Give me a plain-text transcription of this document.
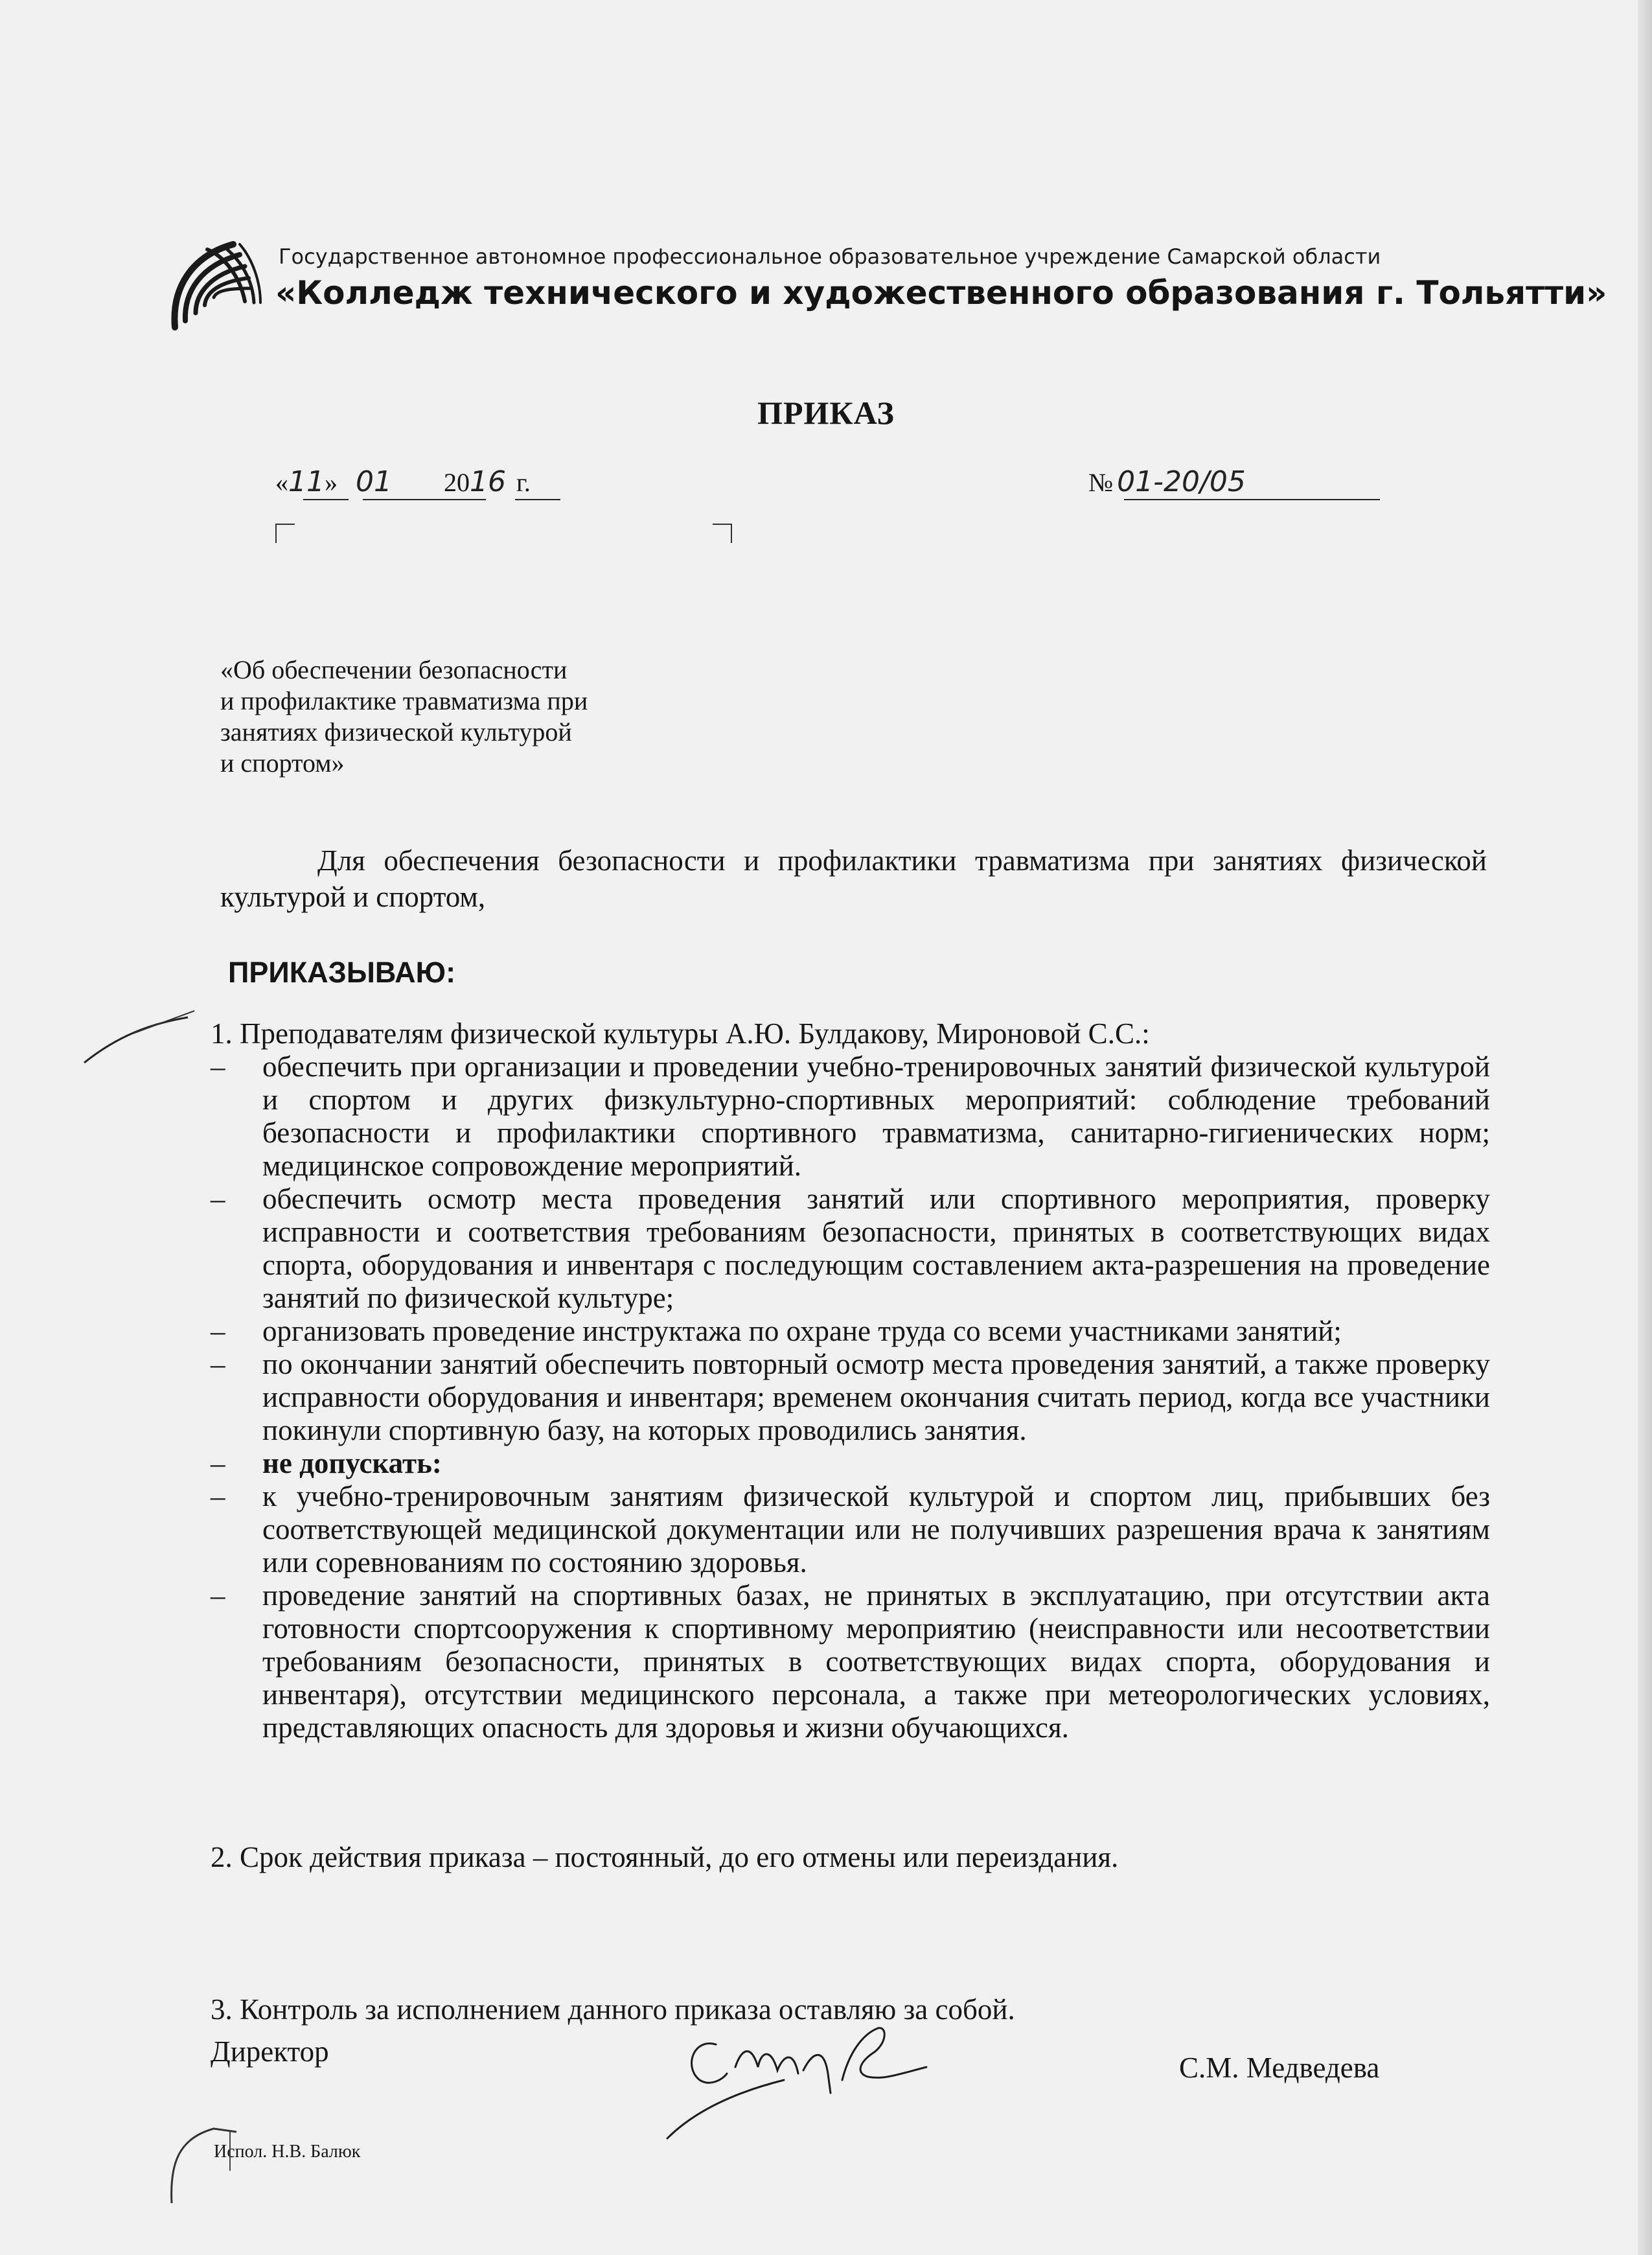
Государственное автономное профессиональное образовательное учреждение Самарской области
«Колледж технического и художественного образования г. Тольятти»
ПРИКАЗ
«11» 01 2016 г.	№ 01-20/05
«Об обеспечении безопасности
и профилактике травматизма при
занятиях физической культурой
и спортом»
Для обеспечения безопасности и профилактики травматизма при занятиях физической культурой и спортом,
ПРИКАЗЫВАЮ:

1. Преподавателям физической культуры А.Ю. Булдакову, Мироновой С.С.:

– обеспечить при организации и проведении учебно-тренировочных занятий физической культурой и спортом и других физкультурно-спортивных мероприятий: соблюдение требований безопасности и профилактики спортивного травматизма, санитарно-гигиенических норм; медицинское сопровождение мероприятий.
– обеспечить осмотр места проведения занятий или спортивного мероприятия, проверку исправности и соответствия требованиям безопасности, принятых в соответствующих видах спорта, оборудования и инвентаря с последующим составлением акта-разрешения на проведение занятий по физической культуре;
– организовать проведение инструктажа по охране труда со всеми участниками занятий;
– по окончании занятий обеспечить повторный осмотр места проведения занятий, а также проверку исправности оборудования и инвентаря; временем окончания считать период, когда все участники покинули спортивную базу, на которых проводились занятия.
– не допускать:
– к учебно-тренировочным занятиям физической культурой и спортом лиц, прибывших без соответствующей медицинской документации или не получивших разрешения врача к занятиям или соревнованиям по состоянию здоровья.
– проведение занятий на спортивных базах, не принятых в эксплуатацию, при отсутствии акта готовности спортсооружения к спортивному мероприятию (неисправности или несоответствии требованиям безопасности, принятых в соответствующих видах спорта, оборудования и инвентаря), отсутствии медицинского персонала, а также при метеорологических условиях, представляющих опасность для здоровья и жизни обучающихся.
2. Срок действия приказа – постоянный, до его отмены или переиздания.
3. Контроль за исполнением данного приказа оставляю за собой.
Директор	С.М. Медведева
Испол. Н.В. Балюк
